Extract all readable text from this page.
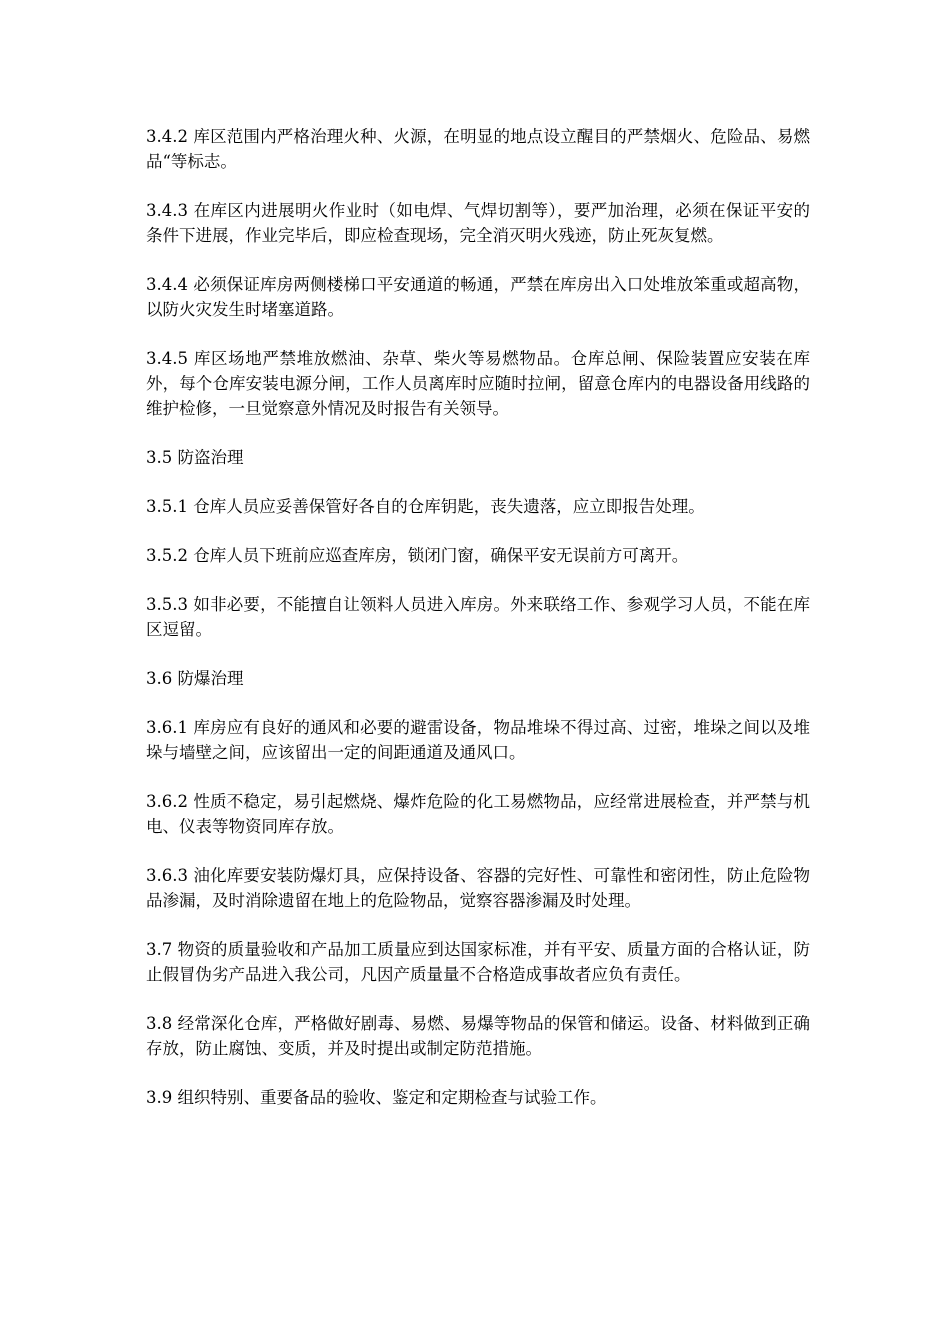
3.4.2 库区范围内严格治理火种、火源，在明显的地点设立醒目的严禁烟火、危险品、易燃品“等标志。

3.4.3 在库区内进展明火作业时（如电焊、气焊切割等），要严加治理，必须在保证平安的条件下进展，作业完毕后，即应检查现场，完全消灭明火残迹，防止死灰复燃。

3.4.4 必须保证库房两侧楼梯口平安通道的畅通，严禁在库房出入口处堆放笨重或超高物，以防火灾发生时堵塞道路。

3.4.5 库区场地严禁堆放燃油、杂草、柴火等易燃物品。仓库总闸、保险装置应安装在库外，每个仓库安装电源分闸，工作人员离库时应随时拉闸，留意仓库内的电器设备用线路的维护检修，一旦觉察意外情况及时报告有关领导。

3.5 防盗治理

3.5.1 仓库人员应妥善保管好各自的仓库钥匙，丧失遗落，应立即报告处理。

3.5.2 仓库人员下班前应巡查库房，锁闭门窗，确保平安无误前方可离开。

3.5.3 如非必要，不能擅自让领料人员进入库房。外来联络工作、参观学习人员，不能在库区逗留。

3.6 防爆治理

3.6.1 库房应有良好的通风和必要的避雷设备，物品堆垛不得过高、过密，堆垛之间以及堆垛与墙壁之间，应该留出一定的间距通道及通风口。

3.6.2 性质不稳定，易引起燃烧、爆炸危险的化工易燃物品，应经常进展检查，并严禁与机电、仪表等物资同库存放。

3.6.3 油化库要安装防爆灯具，应保持设备、容器的完好性、可靠性和密闭性，防止危险物品渗漏，及时消除遗留在地上的危险物品，觉察容器渗漏及时处理。

3.7 物资的质量验收和产品加工质量应到达国家标准，并有平安、质量方面的合格认证，防止假冒伪劣产品进入我公司，凡因产质量量不合格造成事故者应负有责任。

3.8 经常深化仓库，严格做好剧毒、易燃、易爆等物品的保管和储运。设备、材料做到正确存放，防止腐蚀、变质，并及时提出或制定防范措施。

3.9 组织特别、重要备品的验收、鉴定和定期检查与试验工作。
